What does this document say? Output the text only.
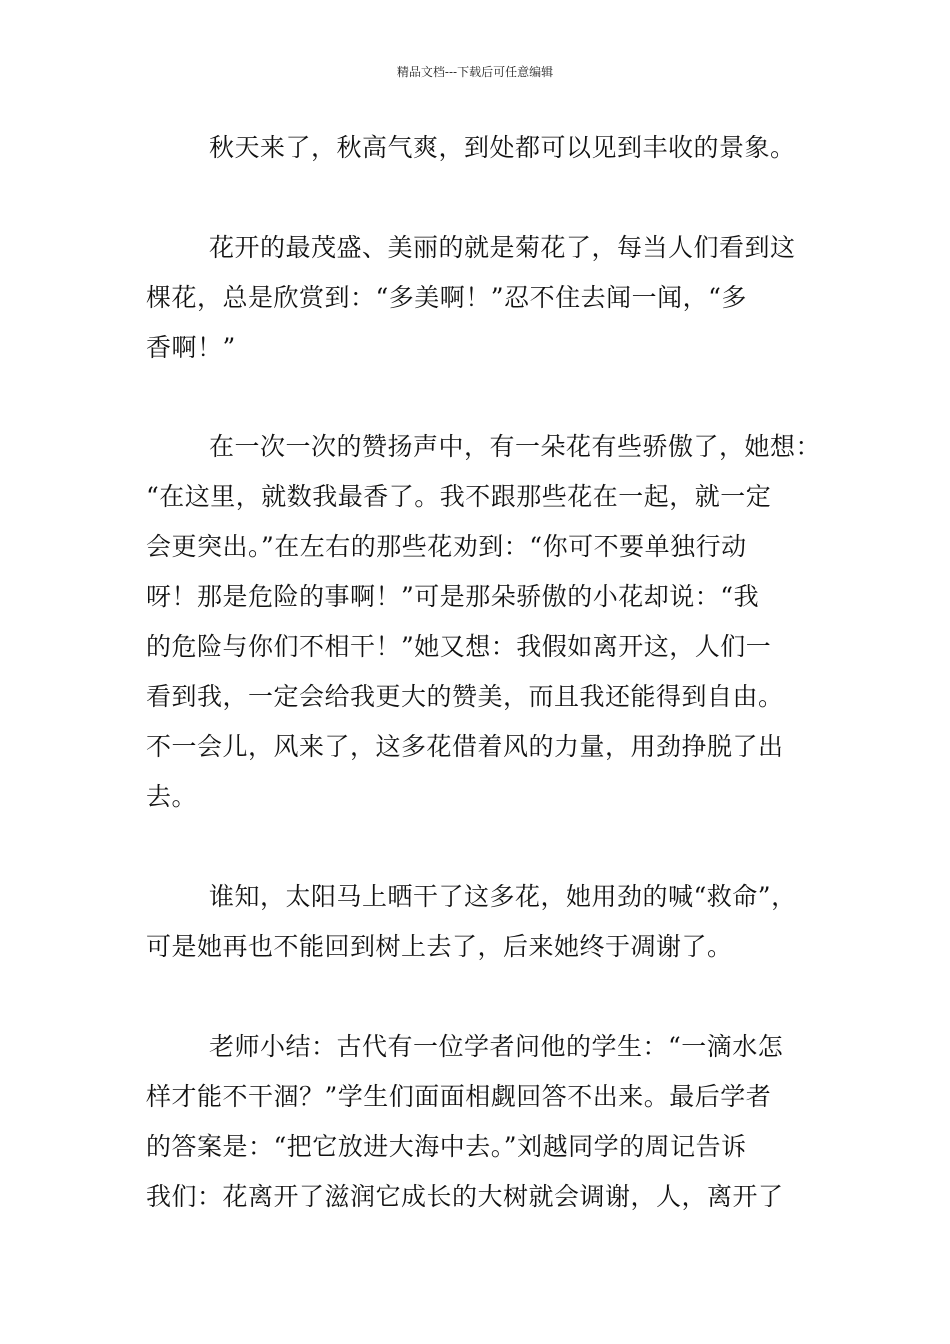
精品文档---下载后可任意编辑
秋天来了，秋高气爽，到处都可以见到丰收的景象。
花开的最茂盛、美丽的就是菊花了，每当人们看到这
棵花，总是欣赏到：“多美啊！”忍不住去闻一闻，“多
香啊！”
在一次一次的赞扬声中，有一朵花有些骄傲了，她想：
“在这里，就数我最香了。我不跟那些花在一起，就一定
会更突出。”在左右的那些花劝到：“你可不要单独行动
呀！那是危险的事啊！”可是那朵骄傲的小花却说：“我
的危险与你们不相干！”她又想：我假如离开这，人们一
看到我，一定会给我更大的赞美，而且我还能得到自由。
不一会儿，风来了，这多花借着风的力量，用劲挣脱了出
去。
谁知，太阳马上晒干了这多花，她用劲的喊“救命”，
可是她再也不能回到树上去了，后来她终于凋谢了。
老师小结：古代有一位学者问他的学生：“一滴水怎
样才能不干涸？”学生们面面相觑回答不出来。最后学者
的答案是：“把它放进大海中去。”刘越同学的周记告诉
我们：花离开了滋润它成长的大树就会调谢，人，离开了
